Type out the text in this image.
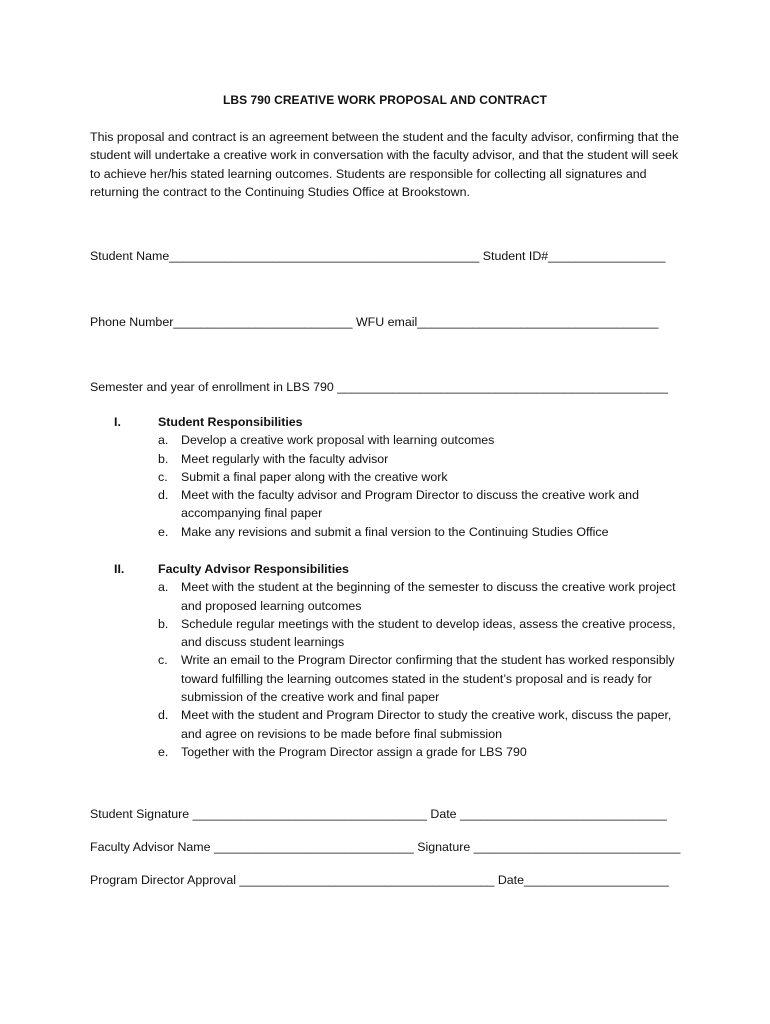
LBS 790 CREATIVE WORK PROPOSAL AND CONTRACT
This proposal and contract is an agreement between the student and the faculty advisor, confirming that the student will undertake a creative work in conversation with the faculty advisor, and that the student will seek to achieve her/his stated learning outcomes. Students are responsible for collecting all signatures and returning the contract to the Continuing Studies Office at Brookstown.
Student Name_____________________________________________ Student ID#_________________
Phone Number__________________________ WFU email___________________________________
Semester and year of enrollment in LBS 790 ________________________________________________
I.	Student Responsibilities
a.	Develop a creative work proposal with learning outcomes
b.	Meet regularly with the faculty advisor
c.	Submit a final paper along with the creative work
d.	Meet with the faculty advisor and Program Director to discuss the creative work and accompanying final paper
e.	Make any revisions and submit a final version to the Continuing Studies Office
II.	Faculty Advisor Responsibilities
a.	Meet with the student at the beginning of the semester to discuss the creative work project and proposed learning outcomes
b.	Schedule regular meetings with the student to develop ideas, assess the creative process, and discuss student learnings
c.	Write an email to the Program Director confirming that the student has worked responsibly toward fulfilling the learning outcomes stated in the student’s proposal and is ready for submission of the creative work and final paper
d.	Meet with the student and Program Director to study the creative work, discuss the paper, and agree on revisions to be made before final submission
e.	Together with the Program Director assign a grade for LBS 790
Student Signature __________________________________ Date ______________________________
Faculty Advisor Name _____________________________ Signature ______________________________
Program Director Approval _____________________________________ Date_____________________
